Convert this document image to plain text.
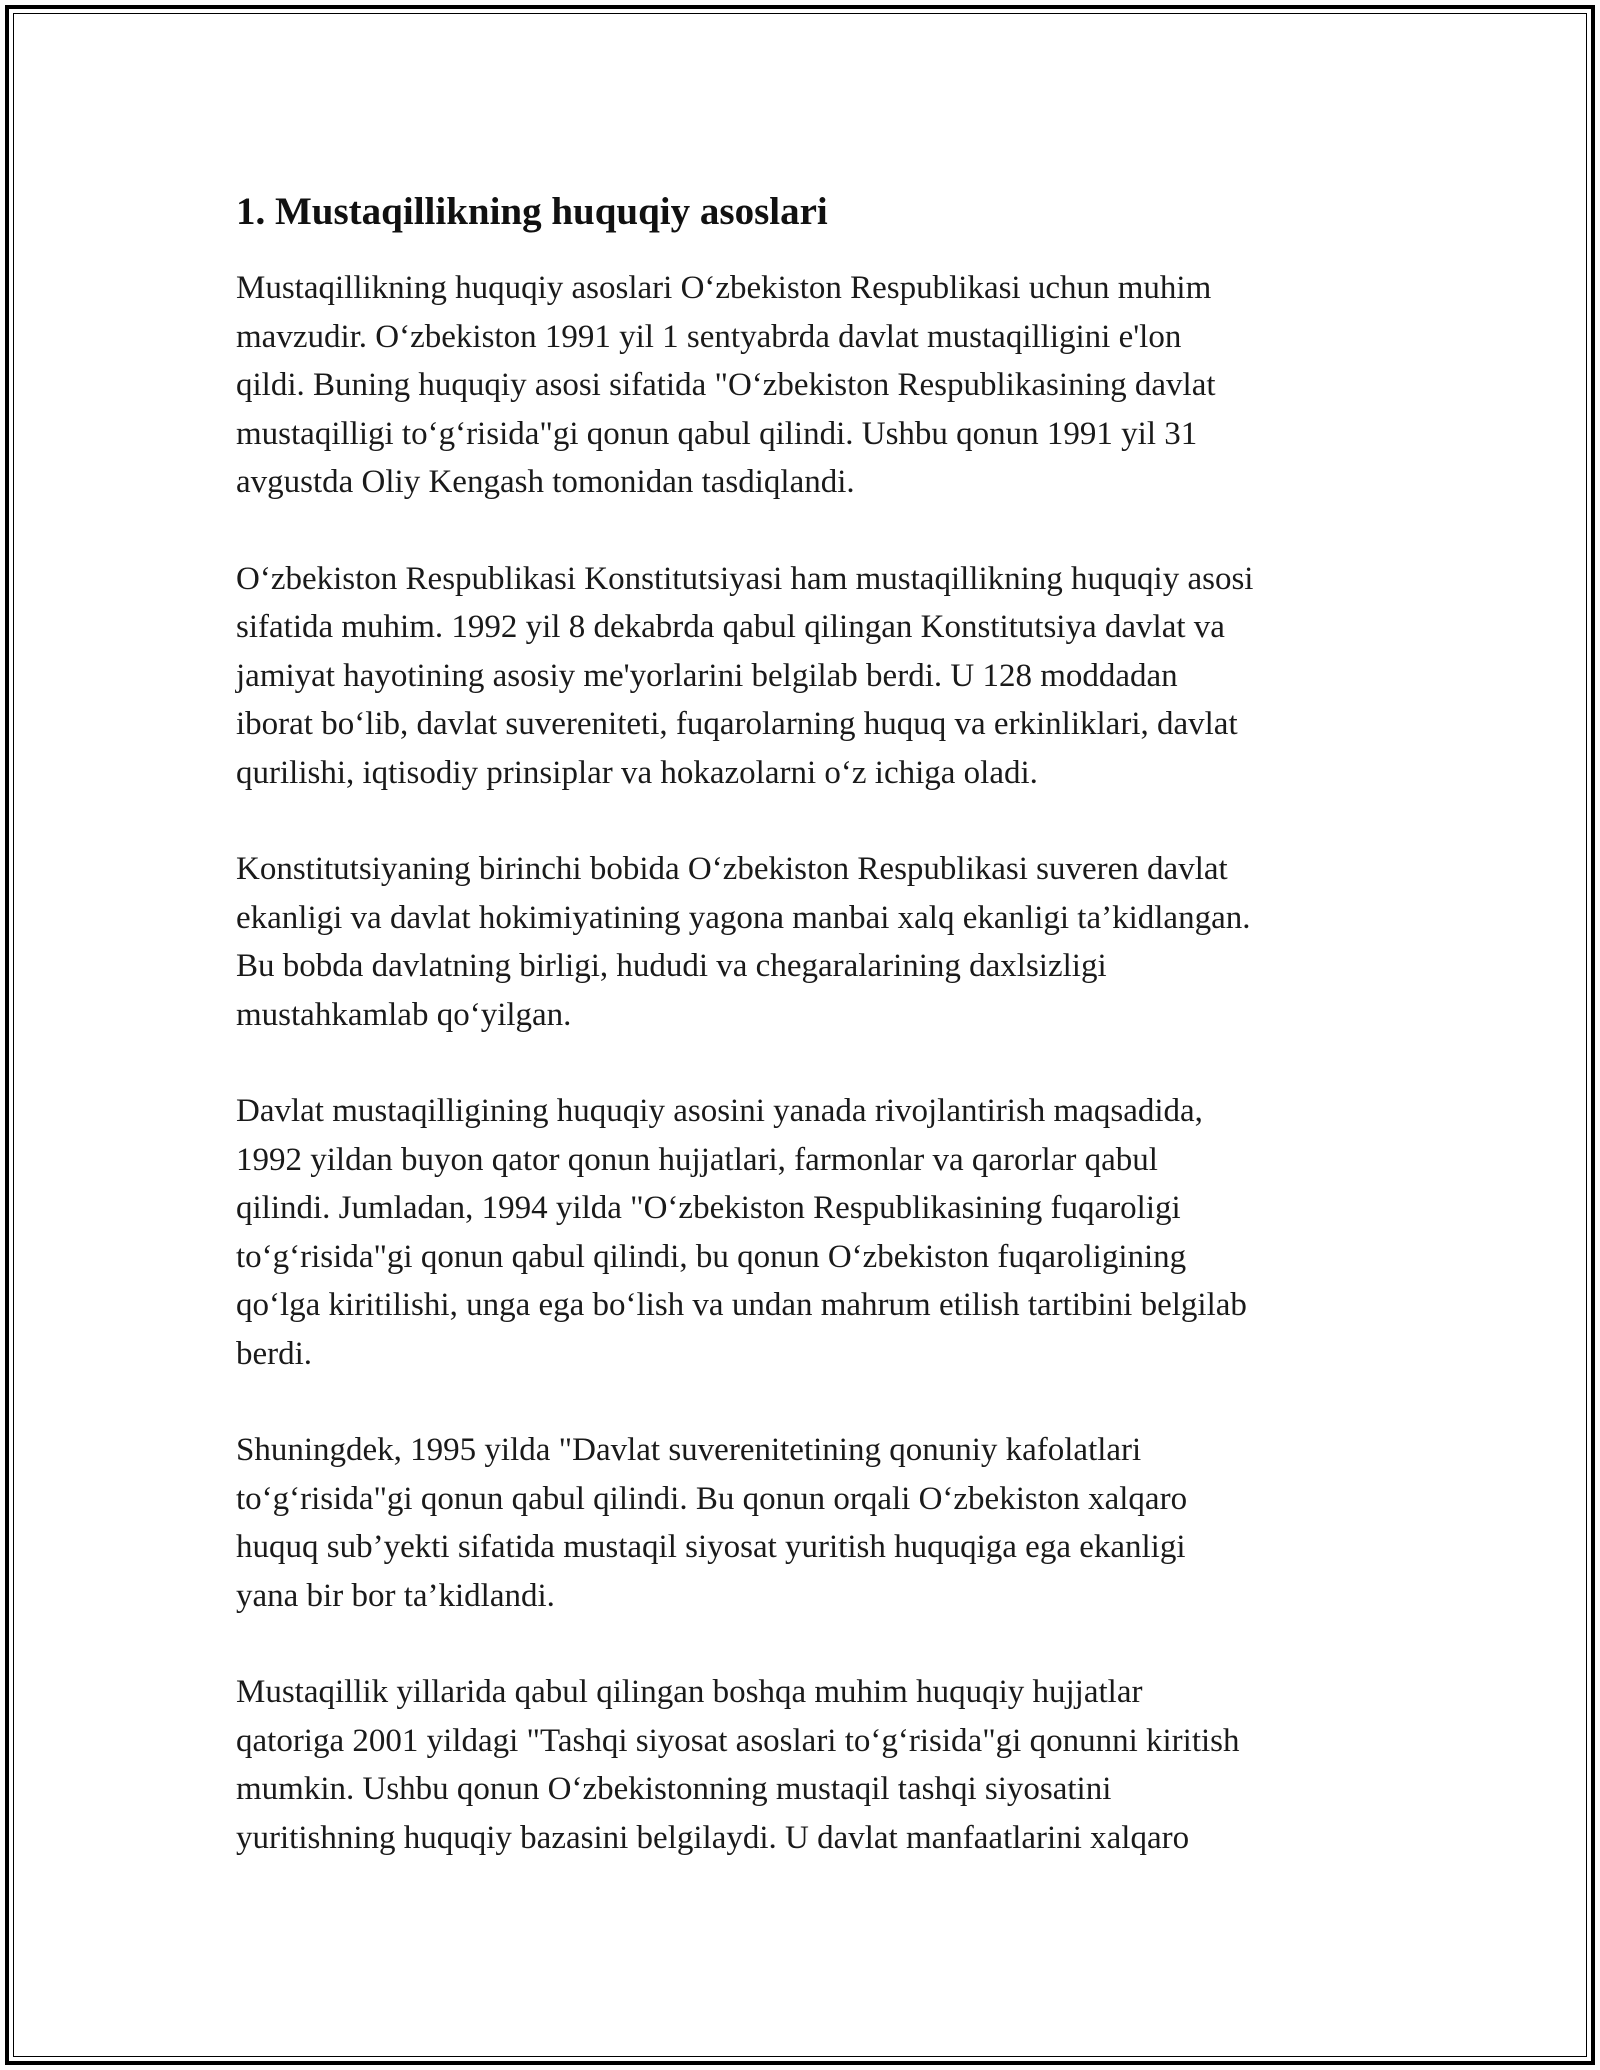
1. Mustaqillikning huquqiy asoslari

Mustaqillikning huquqiy asoslari O‘zbekiston Respublikasi uchun muhim
mavzudir. O‘zbekiston 1991 yil 1 sentyabrda davlat mustaqilligini e'lon
qildi. Buning huquqiy asosi sifatida "O‘zbekiston Respublikasining davlat
mustaqilligi to‘g‘risida"gi qonun qabul qilindi. Ushbu qonun 1991 yil 31
avgustda Oliy Kengash tomonidan tasdiqlandi.

O‘zbekiston Respublikasi Konstitutsiyasi ham mustaqillikning huquqiy asosi
sifatida muhim. 1992 yil 8 dekabrda qabul qilingan Konstitutsiya davlat va
jamiyat hayotining asosiy me'yorlarini belgilab berdi. U 128 moddadan
iborat bo‘lib, davlat suvereniteti, fuqarolarning huquq va erkinliklari, davlat
qurilishi, iqtisodiy prinsiplar va hokazolarni o‘z ichiga oladi.

Konstitutsiyaning birinchi bobida O‘zbekiston Respublikasi suveren davlat
ekanligi va davlat hokimiyatining yagona manbai xalq ekanligi ta’kidlangan.
Bu bobda davlatning birligi, hududi va chegaralarining daxlsizligi
mustahkamlab qo‘yilgan.

Davlat mustaqilligining huquqiy asosini yanada rivojlantirish maqsadida,
1992 yildan buyon qator qonun hujjatlari, farmonlar va qarorlar qabul
qilindi. Jumladan, 1994 yilda "O‘zbekiston Respublikasining fuqaroligi
to‘g‘risida"gi qonun qabul qilindi, bu qonun O‘zbekiston fuqaroligining
qo‘lga kiritilishi, unga ega bo‘lish va undan mahrum etilish tartibini belgilab
berdi.

Shuningdek, 1995 yilda "Davlat suverenitetining qonuniy kafolatlari
to‘g‘risida"gi qonun qabul qilindi. Bu qonun orqali O‘zbekiston xalqaro
huquq sub’yekti sifatida mustaqil siyosat yuritish huquqiga ega ekanligi
yana bir bor ta’kidlandi.

Mustaqillik yillarida qabul qilingan boshqa muhim huquqiy hujjatlar
qatoriga 2001 yildagi "Tashqi siyosat asoslari to‘g‘risida"gi qonunni kiritish
mumkin. Ushbu qonun O‘zbekistonning mustaqil tashqi siyosatini
yuritishning huquqiy bazasini belgilaydi. U davlat manfaatlarini xalqaro
